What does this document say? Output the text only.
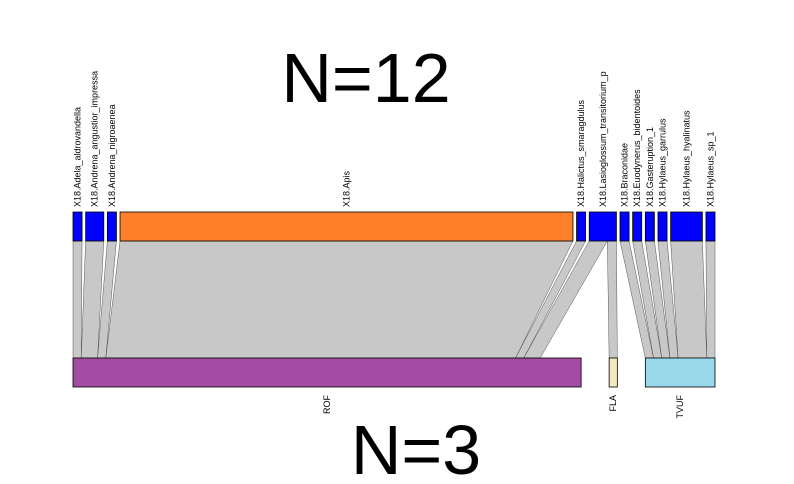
N=12
X18.Adela_aldrovandella X18.Andrena_angustior_impressa X18.Andrena_nigroaenea	X18.Apis	X18.Halictus_smaragdulus X18.Lasioglossum_transitorium_p X18.Braconidae X18.Euodynerus_bidentoides X18.Gasteruption_1 X18.Hylaeus_garrulus X18.Hylaeus_hyalinatus X18.Hylaeus_sp_1
ROF	FLA	TVUF
N=3
